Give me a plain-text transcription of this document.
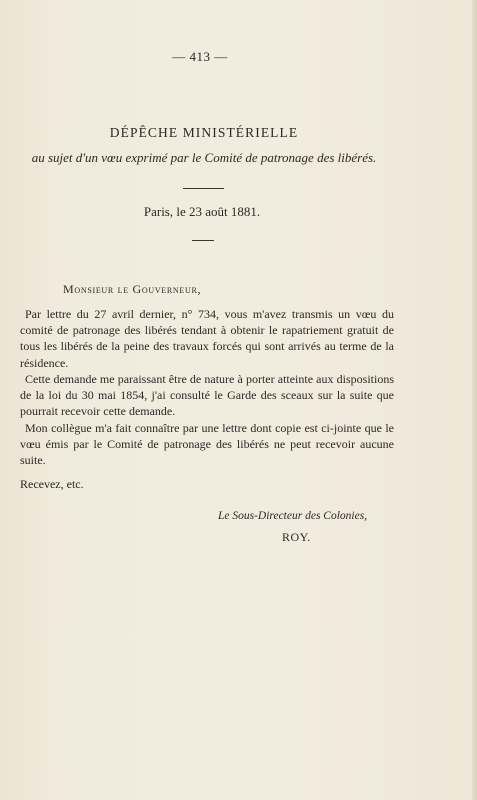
— 413 —
DÉPÊCHE MINISTÉRIELLE
au sujet d'un vœu exprimé par le Comité de patronage des libérés.
Paris, le 23 août 1881.
Monsieur le Gouverneur,

Par lettre du 27 avril dernier, n° 734, vous m'avez transmis un vœu du comité de patronage des libérés tendant à obtenir le rapatriement gratuit de tous les libérés de la peine des travaux forcés qui sont arrivés au terme de la résidence.

Cette demande me paraissant être de nature à porter atteinte aux dispositions de la loi du 30 mai 1854, j'ai consulté le Garde des sceaux sur la suite que pourrait recevoir cette demande.

Mon collègue m'a fait connaître par une lettre dont copie est ci-jointe que le vœu émis par le Comité de patronage des libérés ne peut recevoir aucune suite.

Recevez, etc.
Le Sous-Directeur des Colonies,
ROY.
